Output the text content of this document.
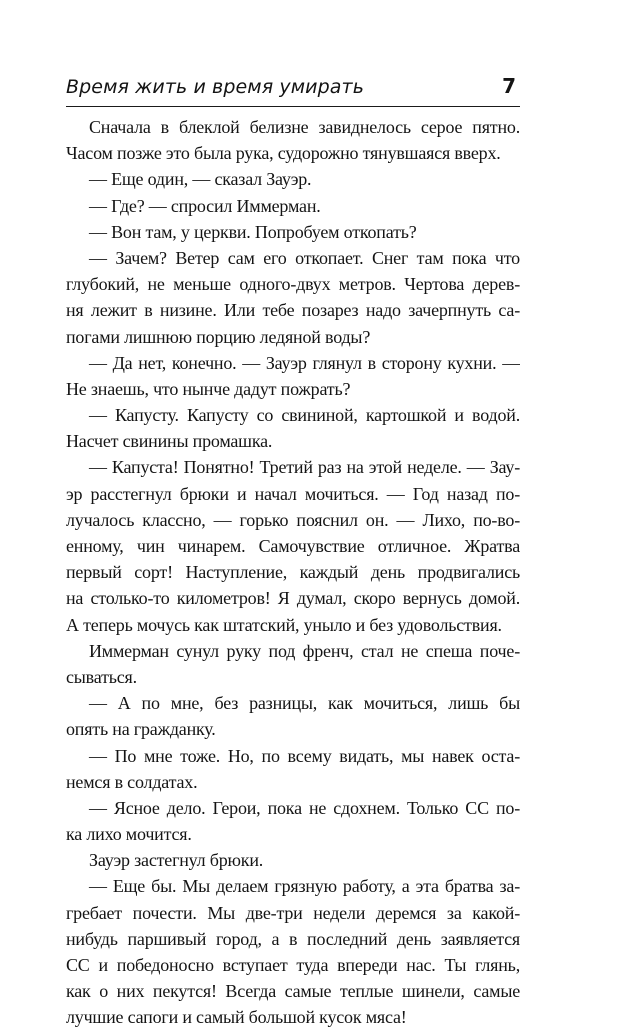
Время жить и время умирать	7
Сначала в блеклой белизне завиднелось серое пятно.
Часом позже это была рука, судорожно тянувшаяся вверх.
— Еще один, — сказал Зауэр.
— Где? — спросил Иммерман.
— Вон там, у церкви. Попробуем откопать?
— Зачем? Ветер сам его откопает. Снег там пока что
глубокий, не меньше одного-двух метров. Чертова дерев-
ня лежит в низине. Или тебе позарез надо зачерпнуть са-
погами лишнюю порцию ледяной воды?
— Да нет, конечно. — Зауэр глянул в сторону кухни. —
Не знаешь, что нынче дадут пожрать?
— Капусту. Капусту со свининой, картошкой и водой.
Насчет свинины промашка.
— Капуста! Понятно! Третий раз на этой неделе. — Зау-
эр расстегнул брюки и начал мочиться. — Год назад по-
лучалось классно, — горько пояснил он. — Лихо, по-во-
енному, чин чинарем. Самочувствие отличное. Жратва
первый сорт! Наступление, каждый день продвигались
на столько-то километров! Я думал, скоро вернусь домой.
А теперь мочусь как штатский, уныло и без удовольствия.
Иммерман сунул руку под френч, стал не спеша поче-
сываться.
— А по мне, без разницы, как мочиться, лишь бы
опять на гражданку.
— По мне тоже. Но, по всему видать, мы навек оста-
немся в солдатах.
— Ясное дело. Герои, пока не сдохнем. Только СС по-
ка лихо мочится.
Зауэр застегнул брюки.
— Еще бы. Мы делаем грязную работу, а эта братва за-
гребает почести. Мы две-три недели деремся за какой-
нибудь паршивый город, а в последний день заявляется
СС и победоносно вступает туда впереди нас. Ты глянь,
как о них пекутся! Всегда самые теплые шинели, самые
лучшие сапоги и самый большой кусок мяса!
